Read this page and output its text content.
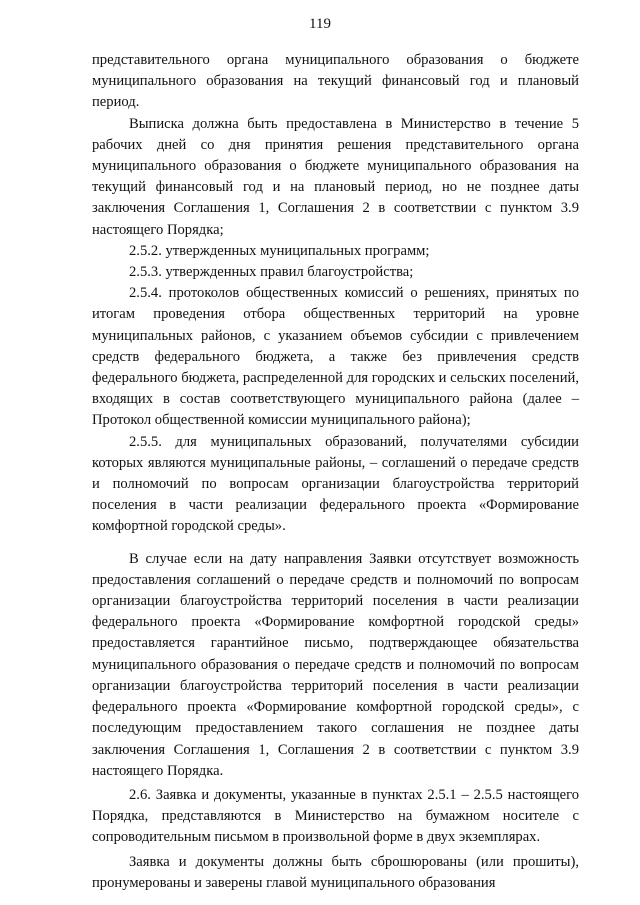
119

представительного органа муниципального образования о бюджете муниципального образования на текущий финансовый год и плановый период.

Выписка должна быть предоставлена в Министерство в течение 5 рабочих дней со дня принятия решения представительного органа муниципального образования о бюджете муниципального образования на текущий финансовый год и на плановый период, но не позднее даты заключения Соглашения 1, Соглашения 2 в соответствии с пунктом 3.9 настоящего Порядка;

2.5.2. утвержденных муниципальных программ;

2.5.3. утвержденных правил благоустройства;

2.5.4. протоколов общественных комиссий о решениях, принятых по итогам проведения отбора общественных территорий на уровне муниципальных районов, с указанием объемов субсидии с привлечением средств федерального бюджета, а также без привлечения средств федерального бюджета, распределенной для городских и сельских поселений, входящих в состав соответствующего муниципального района (далее – Протокол общественной комиссии муниципального района);

2.5.5. для муниципальных образований, получателями субсидии которых являются муниципальные районы, – соглашений о передаче средств и полномочий по вопросам организации благоустройства территорий поселения в части реализации федерального проекта «Формирование комфортной городской среды».

В случае если на дату направления Заявки отсутствует возможность предоставления соглашений о передаче средств и полномочий по вопросам организации благоустройства территорий поселения в части реализации федерального проекта «Формирование комфортной городской среды» предоставляется гарантийное письмо, подтверждающее обязательства муниципального образования о передаче средств и полномочий по вопросам организации благоустройства территорий поселения в части реализации федерального проекта «Формирование комфортной городской среды», с последующим предоставлением такого соглашения не позднее даты заключения Соглашения 1, Соглашения 2 в соответствии с пунктом 3.9 настоящего Порядка.

2.6. Заявка и документы, указанные в пунктах 2.5.1 – 2.5.5 настоящего Порядка, представляются в Министерство на бумажном носителе с сопроводительным письмом в произвольной форме в двух экземплярах.

Заявка и документы должны быть сброшюрованы (или прошиты), пронумерованы и заверены главой муниципального образования
